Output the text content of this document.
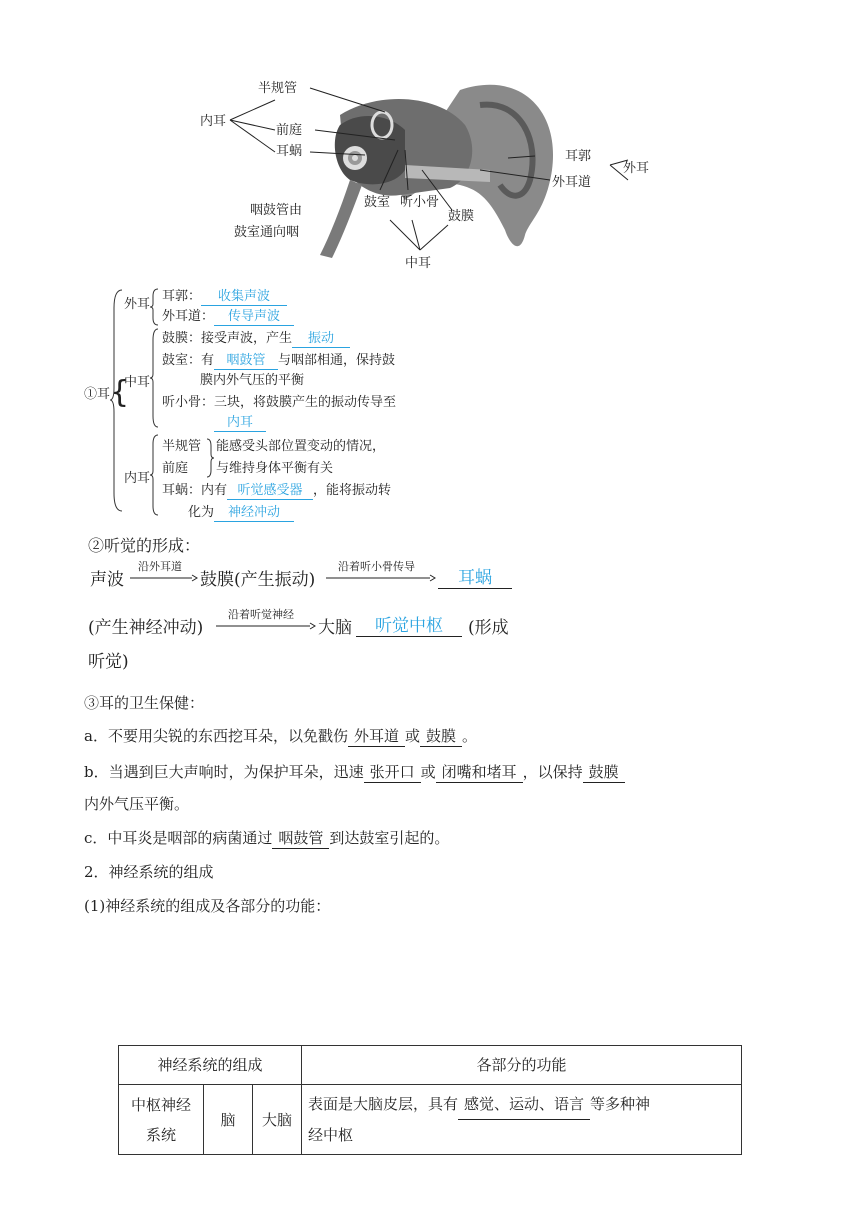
半规管
内耳
前庭
耳蜗	耳郭
外耳
外耳道
咽鼓管由
鼓室通向咽
鼓室 听小骨
鼓膜
中耳
①耳 {
外耳
耳郭： 收集声波
外耳道： 传导声波
中耳
鼓膜：接受声波，产生 振动
鼓室：有 咽鼓管 与咽部相通，保持鼓
膜内外气压的平衡
听小骨：三块，将鼓膜产生的振动传导至
内耳
内耳
半规管
前庭
能感受头部位置变动的情况，
与维持身体平衡有关
耳蜗：内有 听觉感受器 ，能将振动转
化为 神经冲动
②听觉的形成：
声波
沿外耳道
鼓膜(产生振动)
沿着听小骨传导
耳蜗
(产生神经冲动)
沿着听觉神经
大脑	听觉中枢	(形成
听觉)
③耳的卫生保健：
a．不要用尖锐的东西挖耳朵，以免戳伤 外耳道 或 鼓膜 。
b．当遇到巨大声响时，为保护耳朵，迅速 张开口 或 闭嘴和堵耳 ，以保持 鼓膜
内外气压平衡。
c．中耳炎是咽部的病菌通过 咽鼓管 到达鼓室引起的。
2．神经系统的组成
(1)神经系统的组成及各部分的功能：
神经系统的组成			各部分的功能
中枢神经
系统	脑	大脑	表面是大脑皮层，具有 感觉、运动、语言 等多种神
经中枢
